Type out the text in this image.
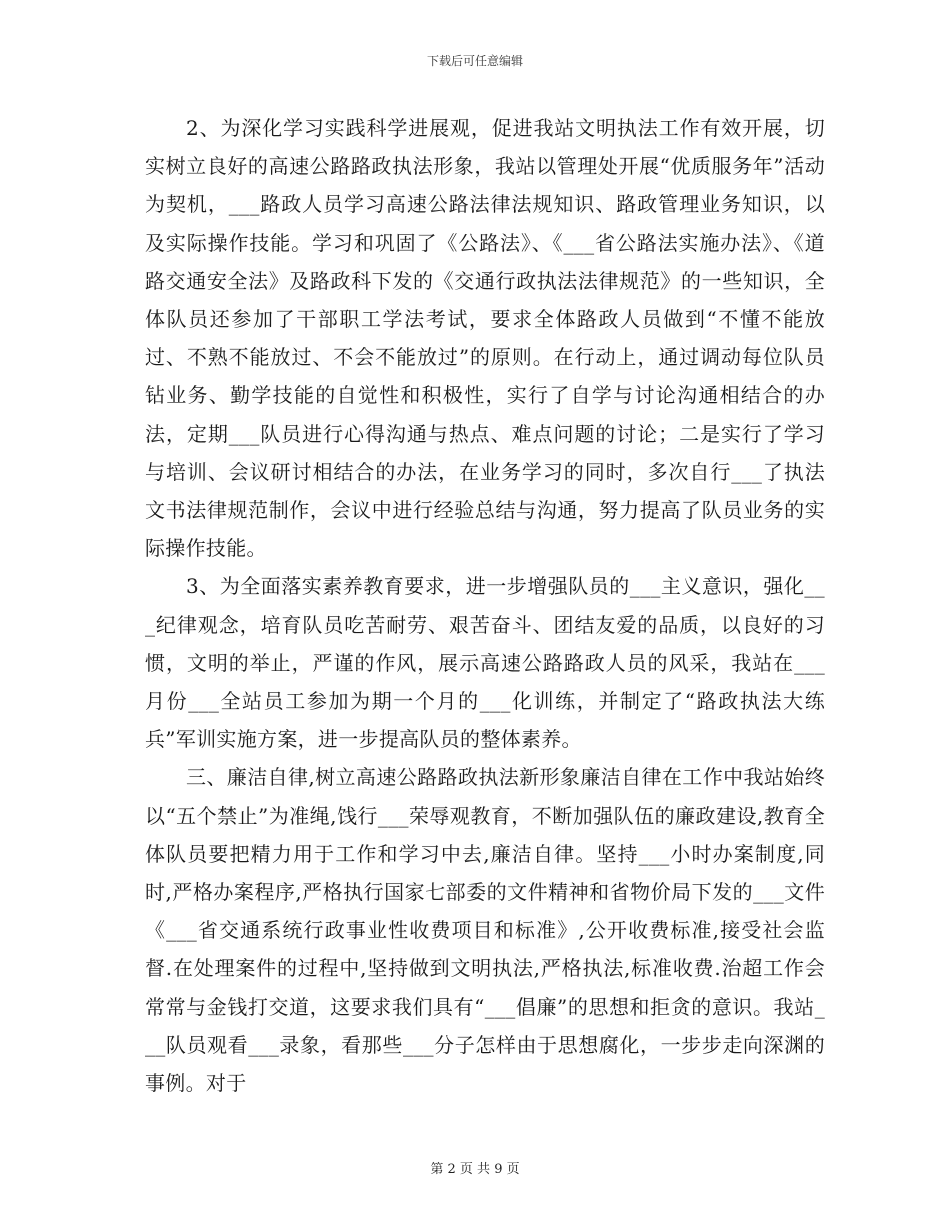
下载后可任意编辑

2、为深化学习实践科学进展观，促进我站文明执法工作有效开展，切实树立良好的高速公路路政执法形象，我站以管理处开展“优质服务年”活动为契机，___路政人员学习高速公路法律法规知识、路政管理业务知识，以及实际操作技能。学习和巩固了《公路法》、《___省公路法实施办法》、《道路交通安全法》及路政科下发的《交通行政执法法律规范》的一些知识，全体队员还参加了干部职工学法考试，要求全体路政人员做到“不懂不能放过、不熟不能放过、不会不能放过”的原则。在行动上，通过调动每位队员钻业务、勤学技能的自觉性和积极性，实行了自学与讨论沟通相结合的办法，定期___队员进行心得沟通与热点、难点问题的讨论；二是实行了学习与培训、会议研讨相结合的办法，在业务学习的同时，多次自行___了执法文书法律规范制作，会议中进行经验总结与沟通，努力提高了队员业务的实际操作技能。

3、为全面落实素养教育要求，进一步增强队员的___主义意识，强化___纪律观念，培育队员吃苦耐劳、艰苦奋斗、团结友爱的品质，以良好的习惯，文明的举止，严谨的作风，展示高速公路路政人员的风采，我站在___月份___全站员工参加为期一个月的___化训练，并制定了“路政执法大练兵”军训实施方案，进一步提高队员的整体素养。

三、廉洁自律,树立高速公路路政执法新形象廉洁自律在工作中我站始终以“五个禁止”为准绳,饯行___荣辱观教育，不断加强队伍的廉政建设,教育全体队员要把精力用于工作和学习中去,廉洁自律。坚持___小时办案制度,同时,严格办案程序,严格执行国家七部委的文件精神和省物价局下发的___文件《___省交通系统行政事业性收费项目和标准》,公开收费标准,接受社会监督.在处理案件的过程中,坚持做到文明执法,严格执法,标准收费.治超工作会常常与金钱打交道，这要求我们具有“___倡廉”的思想和拒贪的意识。我站___队员观看___录象，看那些___分子怎样由于思想腐化，一步步走向深渊的事例。对于

第 2 页 共 9 页
